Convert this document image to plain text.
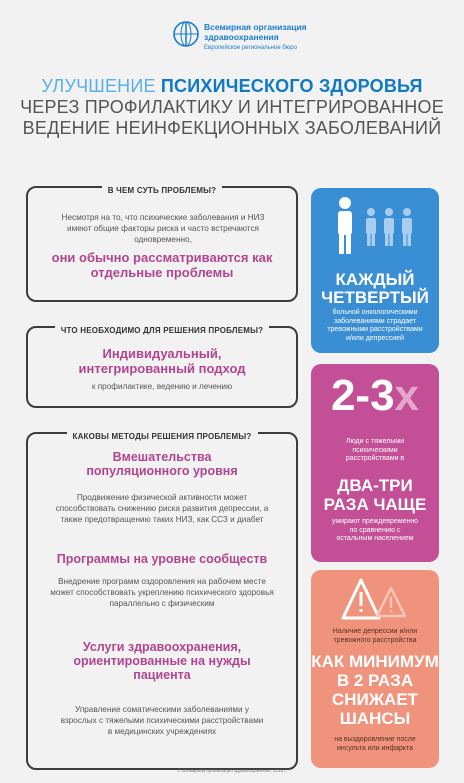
Всемирная организация здравоохранения
Европейское региональное бюро
УЛУЧШЕНИЕ ПСИХИЧЕСКОГО ЗДОРОВЬЯ
ЧЕРЕЗ ПРОФИЛАКТИКУ И ИНТЕГРИРОВАННОЕ
ВЕДЕНИЕ НЕИНФЕКЦИОННЫХ ЗАБОЛЕВАНИЙ
В ЧЕМ СУТЬ ПРОБЛЕМЫ?
Несмотря на то, что психические заболевания и НИЗ имеют общие факторы риска и часто встречаются одновременно,
они обычно рассматриваются как отдельные проблемы
ЧТО НЕОБХОДИМО ДЛЯ РЕШЕНИЯ ПРОБЛЕМЫ?
Индивидуальный, интегрированный подход
к профилактике, ведению и лечению
КАКОВЫ МЕТОДЫ РЕШЕНИЯ ПРОБЛЕМЫ?
Вмешательства популяционного уровня
Продвижение физической активности может способствовать снижению риска развития депрессии, а также предотвращению таких НИЗ, как ССЗ и диабет
Программы на уровне сообществ
Внедрение программ оздоровления на рабочем месте может способствовать укреплению психического здоровья параллельно с физическим
Услуги здравоохранения, ориентированные на нужды пациента
Управление соматическими заболеваниями у взрослых с тяжелыми психическими расстройствами в медицинских учреждениях
КАЖДЫЙ
ЧЕТВЕРТЫЙ
больной онкологическими заболеваниями страдает тревожными расстройствами и/или депрессией
2-3x
Люди с тяжелыми психическими расстройствами в
ДВА-ТРИ
РАЗА ЧАЩЕ
умирают преждевременно по сравнению с остальным населением
Наличие депрессии и/или тревожного расстройства
КАК МИНИМУМ
В 2 РАЗА
СНИЖАЕТ
ШАНСЫ
на выздоровление после инсульта или инфаркта
© Всемирная организация здравоохранения, 2019 г.
